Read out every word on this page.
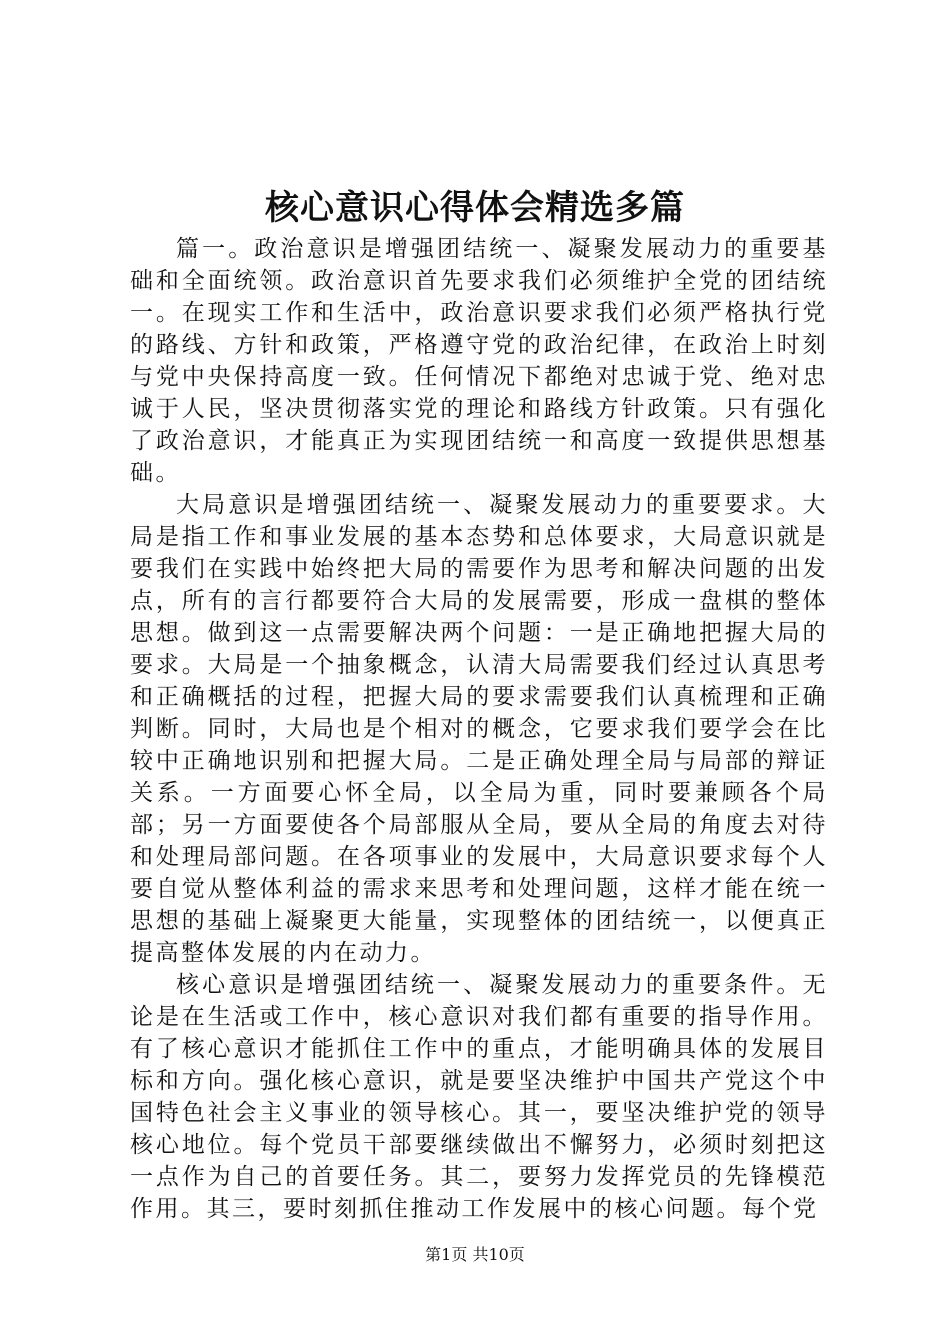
核心意识心得体会精选多篇

篇一。政治意识是增强团结统一、凝聚发展动力的重要基础和全面统领。政治意识首先要求我们必须维护全党的团结统一。在现实工作和生活中，政治意识要求我们必须严格执行党的路线、方针和政策，严格遵守党的政治纪律，在政治上时刻与党中央保持高度一致。任何情况下都绝对忠诚于党、绝对忠诚于人民，坚决贯彻落实党的理论和路线方针政策。只有强化了政治意识，才能真正为实现团结统一和高度一致提供思想基础。

大局意识是增强团结统一、凝聚发展动力的重要要求。大局是指工作和事业发展的基本态势和总体要求，大局意识就是要我们在实践中始终把大局的需要作为思考和解决问题的出发点，所有的言行都要符合大局的发展需要，形成一盘棋的整体思想。做到这一点需要解决两个问题：一是正确地把握大局的要求。大局是一个抽象概念，认清大局需要我们经过认真思考和正确概括的过程，把握大局的要求需要我们认真梳理和正确判断。同时，大局也是个相对的概念，它要求我们要学会在比较中正确地识别和把握大局。二是正确处理全局与局部的辩证关系。一方面要心怀全局，以全局为重，同时要兼顾各个局部；另一方面要使各个局部服从全局，要从全局的角度去对待和处理局部问题。在各项事业的发展中，大局意识要求每个人要自觉从整体利益的需求来思考和处理问题，这样才能在统一思想的基础上凝聚更大能量，实现整体的团结统一，以便真正提高整体发展的内在动力。

核心意识是增强团结统一、凝聚发展动力的重要条件。无论是在生活或工作中，核心意识对我们都有重要的指导作用。有了核心意识才能抓住工作中的重点，才能明确具体的发展目标和方向。强化核心意识，就是要坚决维护中国共产党这个中国特色社会主义事业的领导核心。其一，要坚决维护党的领导核心地位。每个党员干部要继续做出不懈努力，必须时刻把这一点作为自己的首要任务。其二，要努力发挥党员的先锋模范作用。其三，要时刻抓住推动工作发展中的核心问题。每个党

第1页 共10页
